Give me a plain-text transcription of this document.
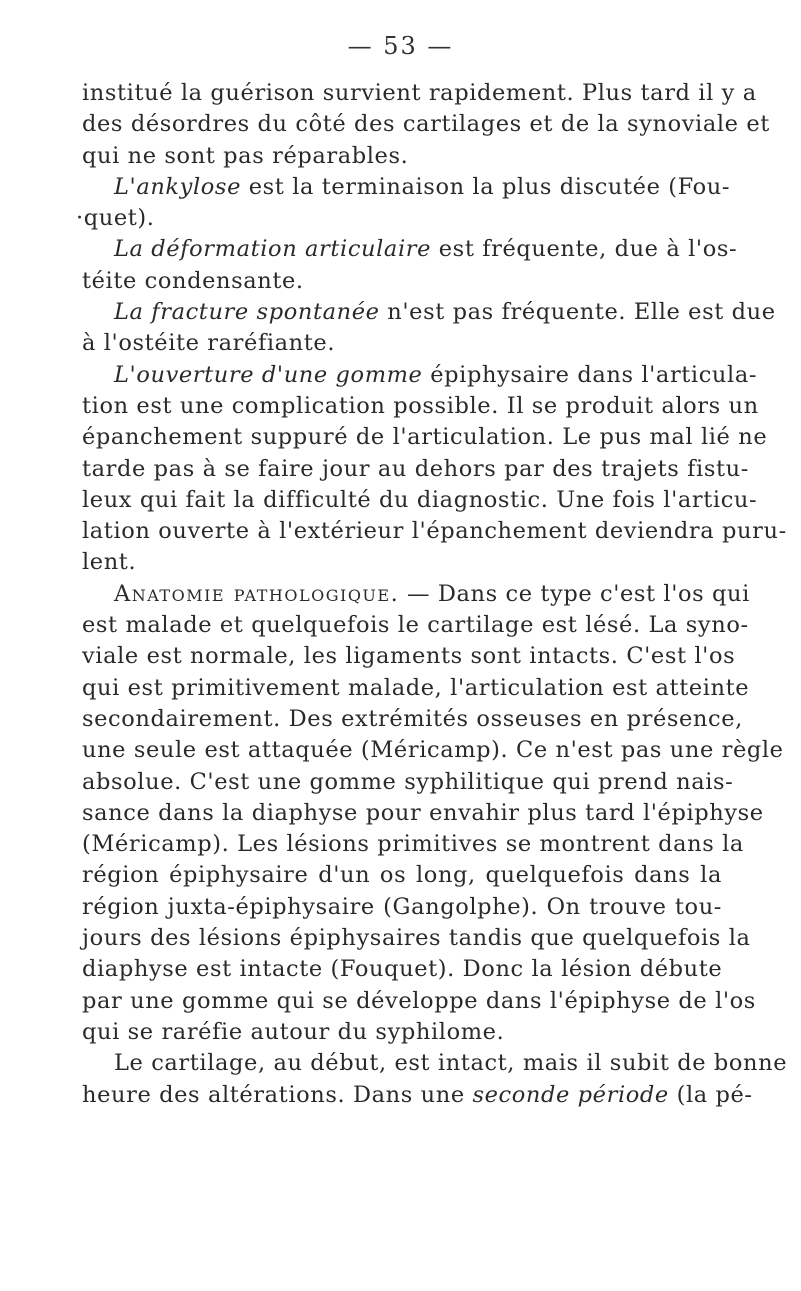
— 53 —
institué la guérison survient rapidement. Plus tard il y a
des désordres du côté des cartilages et de la synoviale et
qui ne sont pas réparables.
L'ankylose est la terminaison la plus discutée (Fou-
·quet).
La déformation articulaire est fréquente, due à l'os-
téite condensante.
La fracture spontanée n'est pas fréquente. Elle est due
à l'ostéite raréfiante.
L'ouverture d'une gomme épiphysaire dans l'articula-
tion est une complication possible. Il se produit alors un
épanchement suppuré de l'articulation. Le pus mal lié ne
tarde pas à se faire jour au dehors par des trajets fistu-
leux qui fait la difficulté du diagnostic. Une fois l'articu-
lation ouverte à l'extérieur l'épanchement deviendra puru-
lent.
Anatomie pathologique. — Dans ce type c'est l'os qui
est malade et quelquefois le cartilage est lésé. La syno-
viale est normale, les ligaments sont intacts. C'est l'os
qui est primitivement malade, l'articulation est atteinte
secondairement. Des extrémités osseuses en présence,
une seule est attaquée (Méricamp). Ce n'est pas une règle
absolue. C'est une gomme syphilitique qui prend nais-
sance dans la diaphyse pour envahir plus tard l'épiphyse
(Méricamp). Les lésions primitives se montrent dans la
région épiphysaire d'un os long, quelquefois dans la
région juxta-épiphysaire (Gangolphe). On trouve tou-
jours des lésions épiphysaires tandis que quelquefois la
diaphyse est intacte (Fouquet). Donc la lésion débute
par une gomme qui se développe dans l'épiphyse de l'os
qui se raréfie autour du syphilome.
Le cartilage, au début, est intact, mais il subit de bonne
heure des altérations. Dans une seconde période (la pé-
